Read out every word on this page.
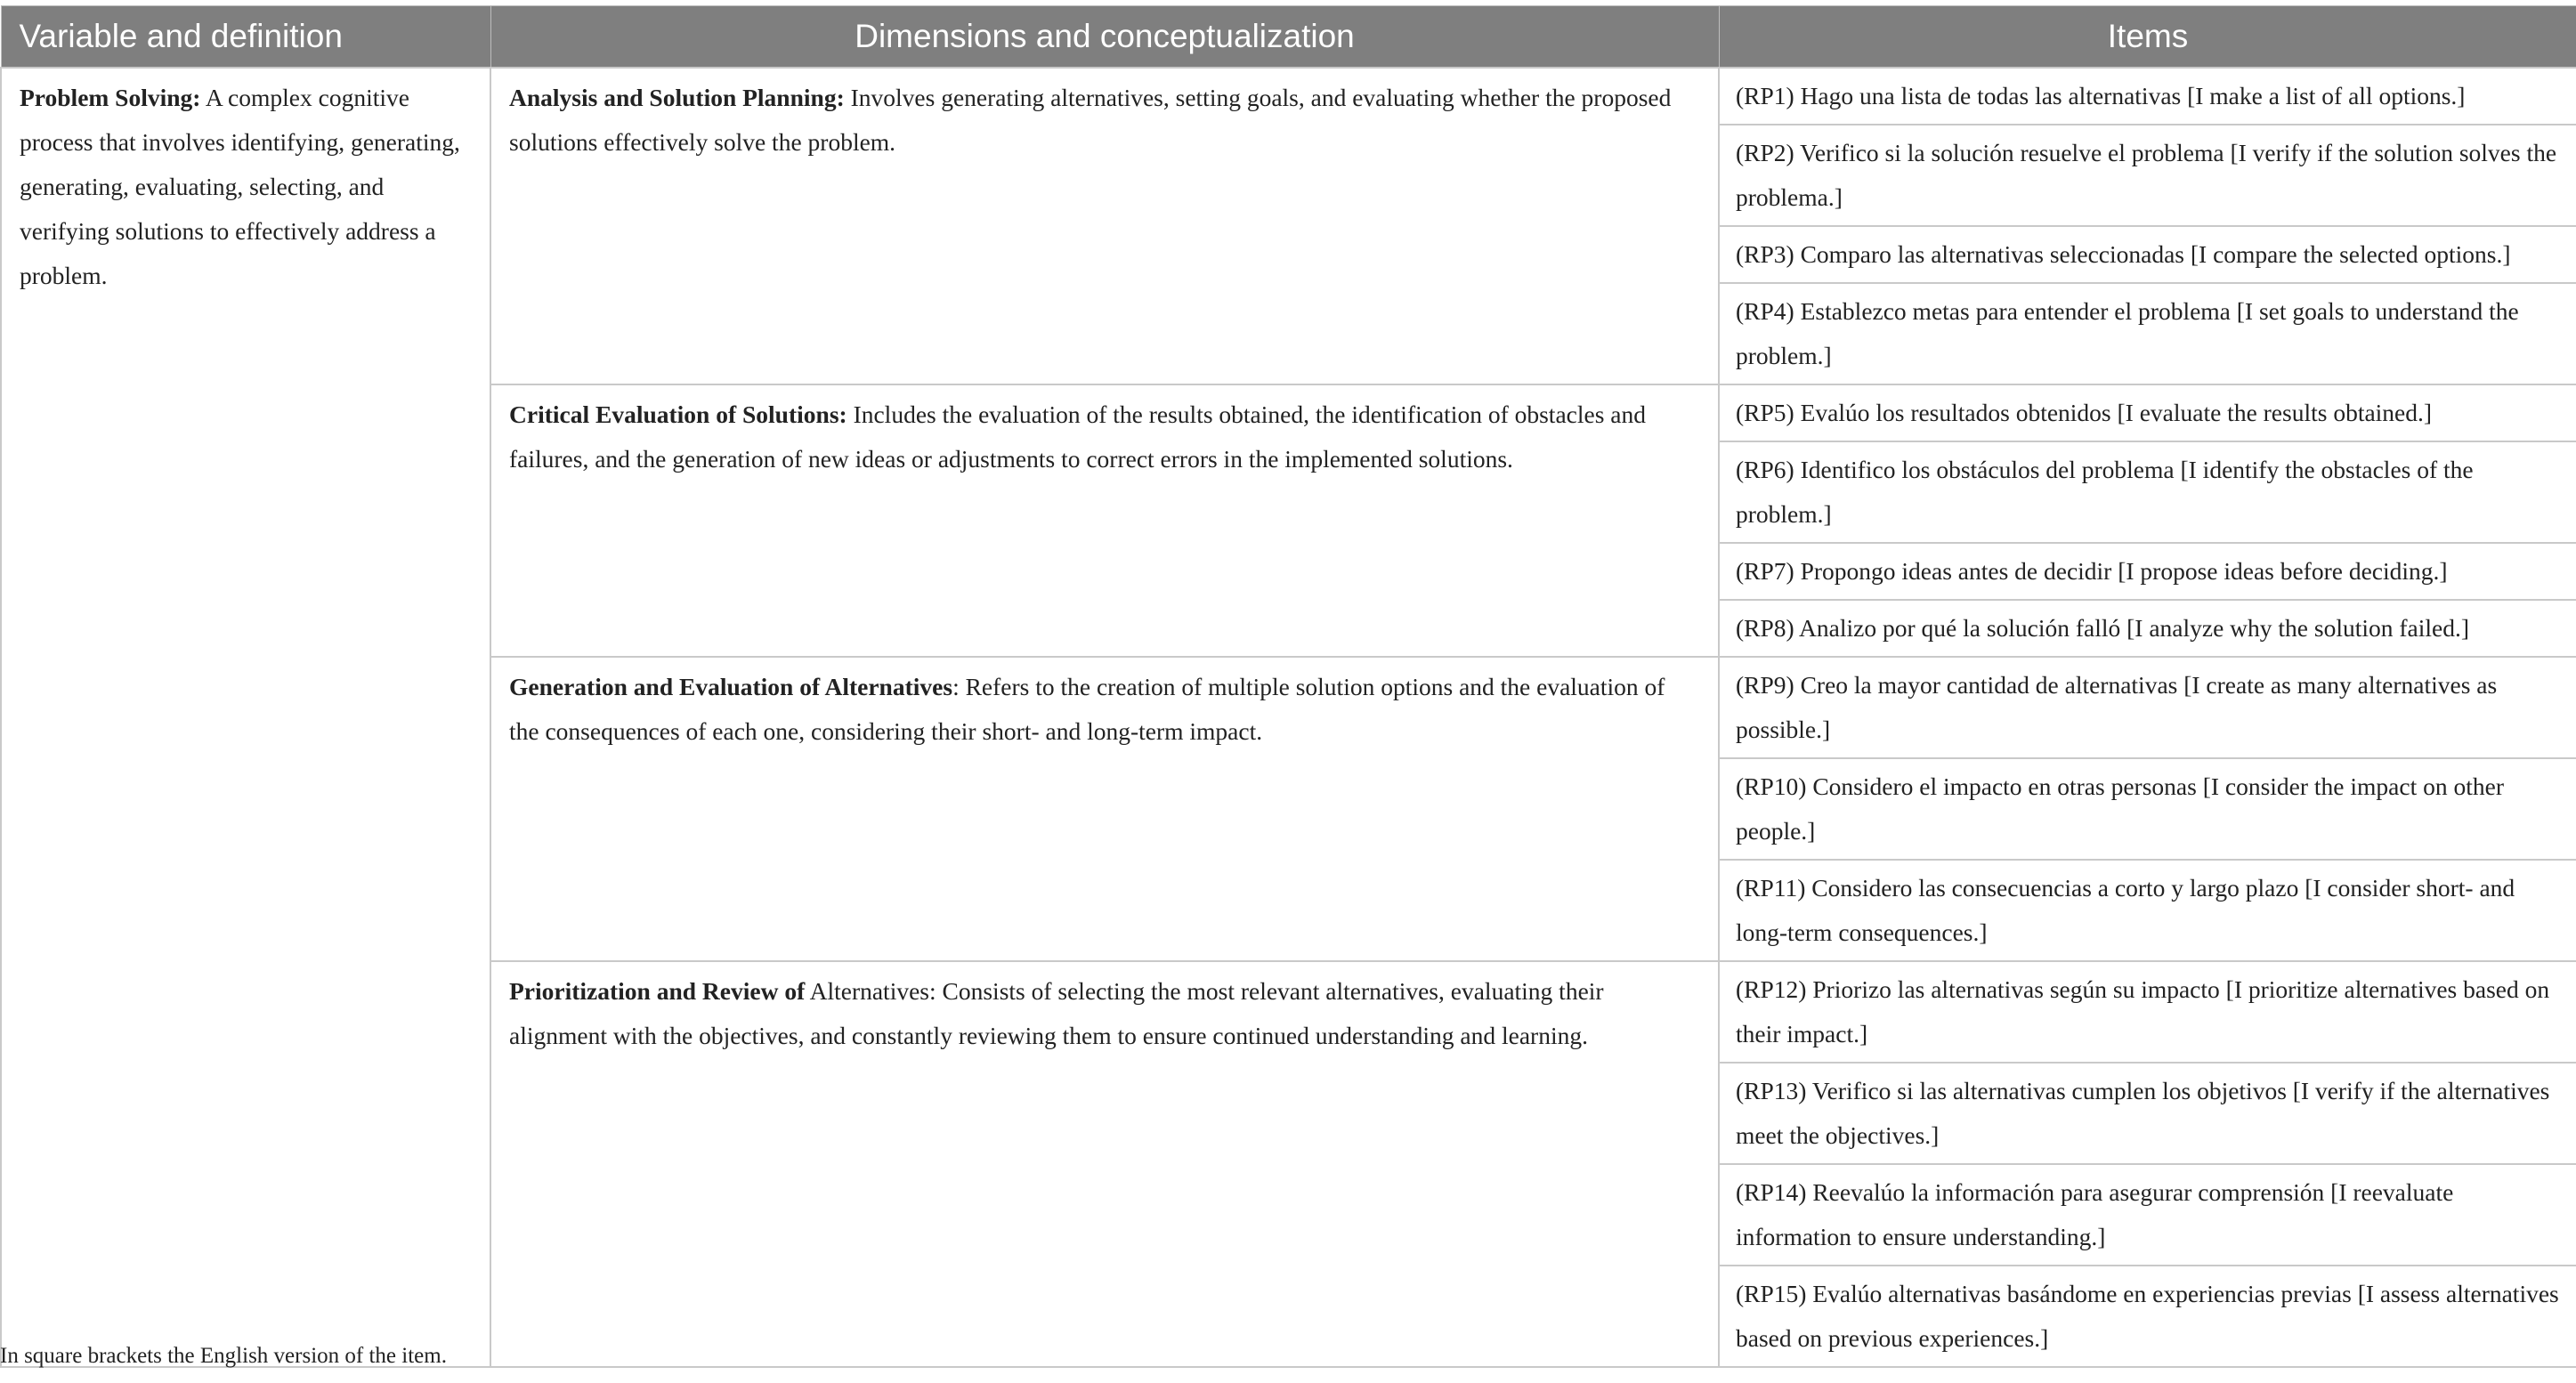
Variable and definition	Dimensions and conceptualization	Items
Problem Solving: A complex cognitive process that involves identifying, generating, generating, evaluating, selecting, and verifying solutions to effectively address a problem.	Analysis and Solution Planning: Involves generating alternatives, setting goals, and evaluating whether the proposed solutions effectively solve the problem.	(RP1) Hago una lista de todas las alternativas [I make a list of all options.]
		(RP2) Verifico si la solución resuelve el problema [I verify if the solution solves the problema.]
		(RP3) Comparo las alternativas seleccionadas [I compare the selected options.]
		(RP4) Establezco metas para entender el problema [I set goals to understand the problem.]
	Critical Evaluation of Solutions: Includes the evaluation of the results obtained, the identification of obstacles and failures, and the generation of new ideas or adjustments to correct errors in the implemented solutions.	(RP5) Evalúo los resultados obtenidos [I evaluate the results obtained.]
		(RP6) Identifico los obstáculos del problema [I identify the obstacles of the problem.]
		(RP7) Propongo ideas antes de decidir [I propose ideas before deciding.]
		(RP8) Analizo por qué la solución falló [I analyze why the solution failed.]
	Generation and Evaluation of Alternatives: Refers to the creation of multiple solution options and the evaluation of the consequences of each one, considering their short- and long-term impact.	(RP9) Creo la mayor cantidad de alternativas [I create as many alternatives as possible.]
		(RP10) Considero el impacto en otras personas [I consider the impact on other people.]
		(RP11) Considero las consecuencias a corto y largo plazo [I consider short- and long-term consequences.]
	Prioritization and Review of Alternatives: Consists of selecting the most relevant alternatives, evaluating their alignment with the objectives, and constantly reviewing them to ensure continued understanding and learning.	(RP12) Priorizo las alternativas según su impacto [I prioritize alternatives based on their impact.]
		(RP13) Verifico si las alternativas cumplen los objetivos [I verify if the alternatives meet the objectives.]
		(RP14) Reevalúo la información para asegurar comprensión [I reevaluate information to ensure understanding.]
		(RP15) Evalúo alternativas basándome en experiencias previas [I assess alternatives based on previous experiences.]
In square brackets the English version of the item.
